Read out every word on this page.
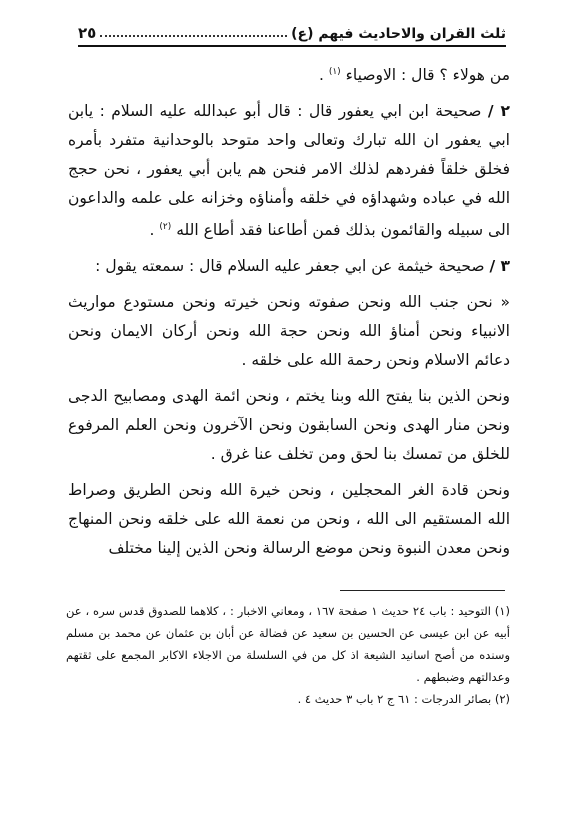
ثلث القران والاحاديث فيهم (ع)
٢٥

من هولاء ؟ قال : الاوصياء $^{(١)}$ .

٢ / صحيحة ابن ابي يعفور قال : قال أبو عبدالله عليه السلام : يابن ابي يعفور ان الله تبارك وتعالى واحد متوحد بالوحدانية متفرد بأمره فخلق خلقاً ففردهم لذلك الامر فنحن هم يابن أبي يعفور ، نحن حجج الله في عباده وشهداؤه في خلقه وأمناؤه وخزانه على علمه والداعون الى سبيله والقائمون بذلك فمن أطاعنا فقد أطاع الله $^{(٢)}$ .

٣ / صحيحة خيثمة عن ابي جعفر عليه السلام قال : سمعته يقول :

« نحن جنب الله ونحن صفوته ونحن خيرته ونحن مستودع مواريث الانبياء ونحن أمناؤ الله ونحن حجة الله ونحن أركان الايمان ونحن دعائم الاسلام ونحن رحمة الله على خلقه .

ونحن الذين بنا يفتح الله وبنا يختم ، ونحن ائمة الهدى ومصابيح الدجى ونحن منار الهدى ونحن السابقون ونحن الآخرون ونحن العلم المرفوع للخلق من تمسك بنا لحق ومن تخلف عنا غرق .

ونحن قادة الغر المحجلين ، ونحن خيرة الله ونحن الطريق وصراط الله المستقيم الى الله ، ونحن من نعمة الله على خلقه ونحن المنهاج ونحن معدن النبوة ونحن موضع الرسالة ونحن الذين إلينا مختلف

(١) التوحيد : باب ٢٤ حديث ١ صفحة ١٦٧ ، ومعاني الاخبار : ، كلاهما للصدوق قدس سره ، عن أبيه عن ابن عيسى عن الحسين بن سعيد عن فضالة عن أبان بن عثمان عن محمد بن مسلم وسنده من أصح اسانيد الشيعة اذ كل من في السلسلة من الاجلاء الاكابر المجمع على ثقتهم وعدالتهم وضبطهم .

(٢) بصائر الدرجات : ٦١ ج ٢ باب ٣ حديث ٤ .
